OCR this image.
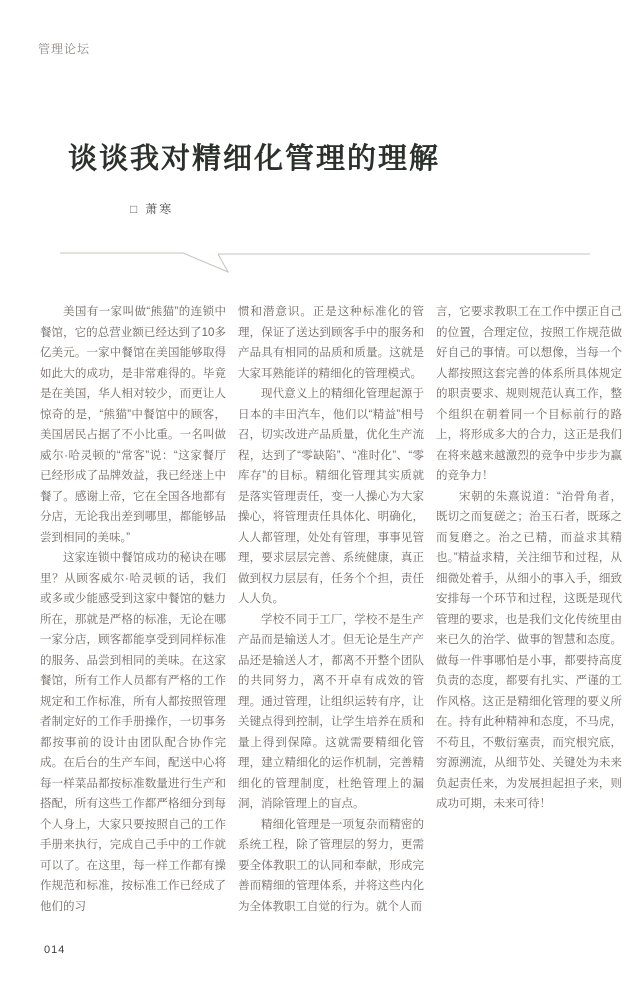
管理论坛
谈谈我对精细化管理的理解
□ 萧寒

美国有一家叫做“熊猫”的连锁中餐馆，它的总营业额已经达到了10多亿美元。一家中餐馆在美国能够取得如此大的成功，是非常难得的。毕竟是在美国，华人相对较少，而更让人惊奇的是，“熊猫”中餐馆中的顾客，美国居民占据了不小比重。一名叫做威尔·哈灵顿的“常客”说：“这家餐厅已经形成了品牌效益，我已经迷上中餐了。感谢上帝，它在全国各地都有分店，无论我出差到哪里，都能够品尝到相同的美味。”

这家连锁中餐馆成功的秘诀在哪里？从顾客威尔·哈灵顿的话，我们或多或少能感受到这家中餐馆的魅力所在，那就是严格的标准，无论在哪一家分店，顾客都能享受到同样标准的服务、品尝到相同的美味。在这家餐馆，所有工作人员都有严格的工作规定和工作标准，所有人都按照管理者制定好的工作手册操作，一切事务都按事前的设计由团队配合协作完成。在后台的生产车间，配送中心将每一样菜品都按标准数量进行生产和搭配，所有这些工作都严格细分到每个人身上，大家只要按照自己的工作手册来执行，完成自己手中的工作就可以了。在这里，每一样工作都有操作规范和标准，按标准工作已经成了他们的习

惯和潜意识。正是这种标准化的管理，保证了送达到顾客手中的服务和产品具有相同的品质和质量。这就是大家耳熟能详的精细化的管理模式。

现代意义上的精细化管理起源于日本的丰田汽车，他们以“精益”相号召，切实改进产品质量，优化生产流程，达到了“零缺陷”、“准时化”、“零库存”的目标。精细化管理其实质就是落实管理责任，变一人操心为大家操心，将管理责任具体化、明确化，人人都管理，处处有管理，事事见管理，要求层层完善、系统健康，真正做到权力层层有，任务个个担，责任人人负。

学校不同于工厂，学校不是生产产品而是输送人才。但无论是生产产品还是输送人才，都离不开整个团队的共同努力，离不开卓有成效的管理。通过管理，让组织运转有序，让关键点得到控制，让学生培养在质和量上得到保障。这就需要精细化管理，建立精细化的运作机制，完善精细化的管理制度，杜绝管理上的漏洞，消除管理上的盲点。

精细化管理是一项复杂而精密的系统工程，除了管理层的努力，更需要全体教职工的认同和奉献，形成完善而精细的管理体系，并将这些内化为全体教职工自觉的行为。就个人而

言，它要求教职工在工作中摆正自己的位置，合理定位，按照工作规范做好自己的事情。可以想像，当每一个人都按照这套完善的体系所具体规定的职责要求、规则规范认真工作，整个组织在朝着同一个目标前行的路上，将形成多大的合力，这正是我们在将来越来越激烈的竞争中步步为赢的竞争力！

宋朝的朱熹说道：“治骨角者，既切之而复磋之；治玉石者，既琢之而复磨之。治之已精，而益求其精也。”精益求精，关注细节和过程，从细微处着手，从细小的事入手，细致安排每一个环节和过程，这既是现代管理的要求，也是我们文化传统里由来已久的治学、做事的智慧和态度。做每一件事哪怕是小事，都要持高度负责的态度，都要有扎实、严谨的工作风格。这正是精细化管理的要义所在。持有此种精神和态度，不马虎，不苟且，不敷衍塞责，而究根究底，穷源溯流，从细节处、关键处为未来负起责任来，为发展担起担子来，则成功可期，未来可待！

014
